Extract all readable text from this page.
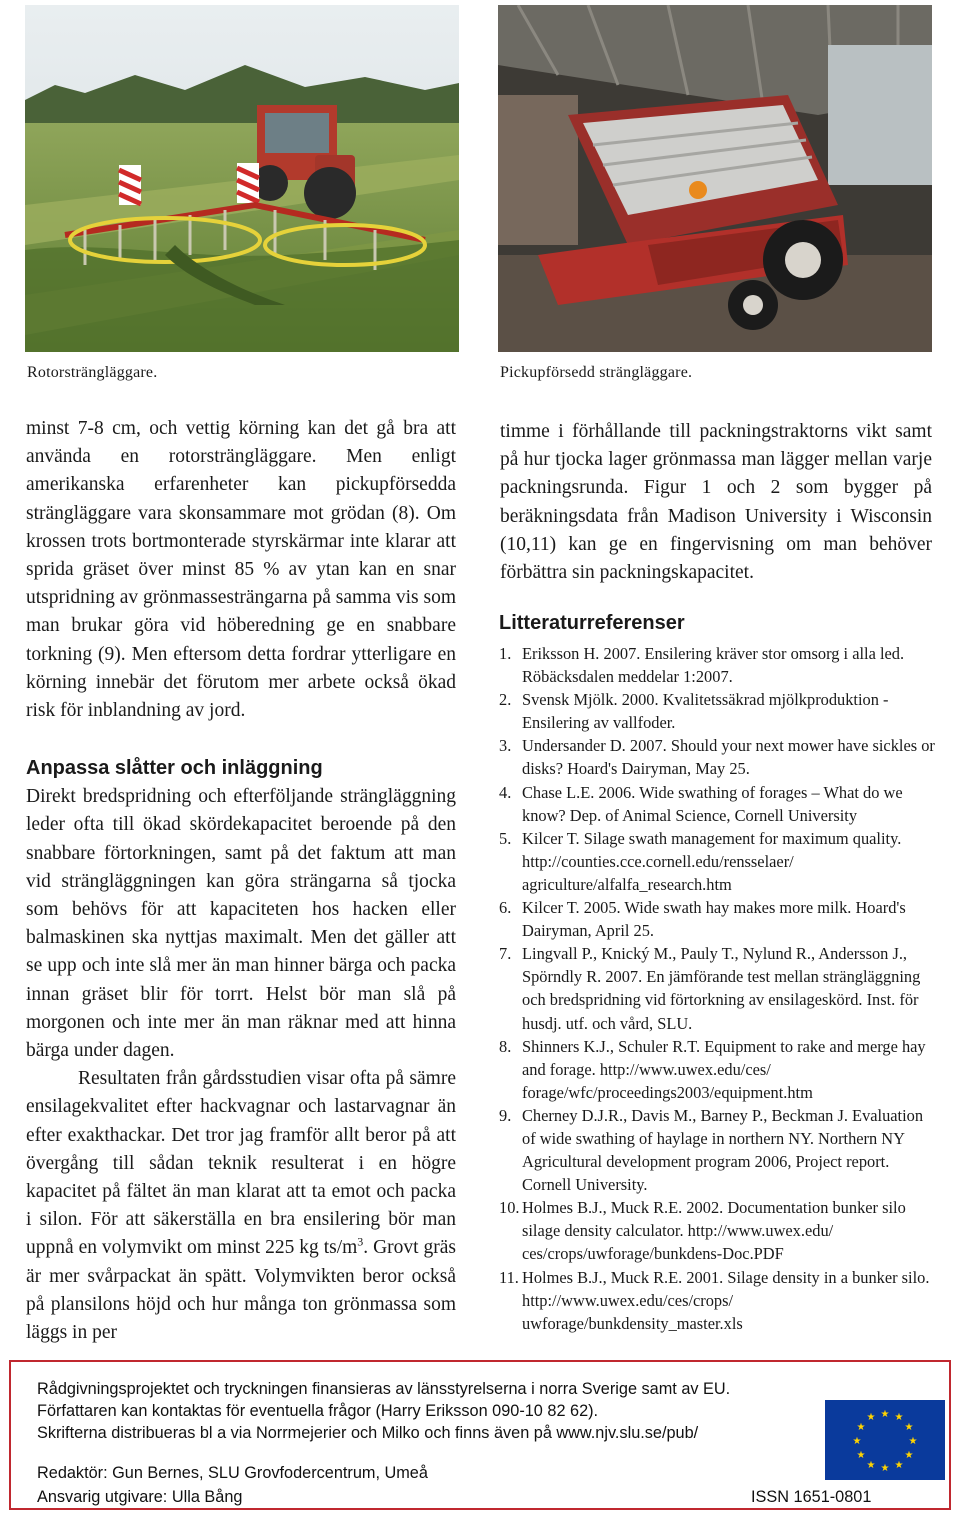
Rotorsträngläggare.	Pickupförsedd strängläggare.

minst 7-8 cm, och vettig körning kan det gå bra att använda en rotorsträngläggare. Men enligt amerikanska erfarenheter kan pickupförsedda strängläggare vara skonsammare mot grödan (8). Om krossen trots bortmonterade styrskärmar inte klarar att sprida gräset över minst 85 % av ytan kan en snar utspridning av grönmassesträngarna på samma vis som man brukar göra vid höberedning ge en snabbare torkning (9). Men eftersom detta fordrar ytterligare en körning innebär det förutom mer arbete också ökad risk för inblandning av jord.

Anpassa slåtter och inläggning

Direkt bredspridning och efterföljande strängläggning leder ofta till ökad skördekapacitet beroende på den snabbare förtorkningen, samt på det faktum att man vid strängläggningen kan göra strängarna så tjocka som behövs för att kapaciteten hos hacken eller balmaskinen ska nyttjas maximalt. Men det gäller att se upp och inte slå mer än man hinner bärga och packa innan gräset blir för torrt. Helst bör man slå på morgonen och inte mer än man räknar med att hinna bärga under dagen.

Resultaten från gårdsstudien visar ofta på sämre ensilagekvalitet efter hackvagnar och lastarvagnar än efter exakthackar. Det tror jag framför allt beror på att övergång till sådan teknik resulterat i en högre kapacitet på fältet än man klarat att ta emot och packa i silon. För att säkerställa en bra ensilering bör man uppnå en volymvikt om minst 225 kg $ts/m^3$. Grovt gräs är mer svårpackat än spätt. Volymvikten beror också på plansilons höjd och hur många ton grönmassa som läggs in per

timme i förhållande till packningstraktorns vikt samt på hur tjocka lager grönmassa man lägger mellan varje packningsrunda. Figur 1 och 2 som bygger på beräkningsdata från Madison University i Wisconsin (10,11) kan ge en fingervisning om man behöver förbättra sin packningskapacitet.
Litteraturreferenser
1. Eriksson H. 2007. Ensilering kräver stor omsorg i alla led. Röbäcksdalen meddelar 1:2007.
2. Svensk Mjölk. 2000. Kvalitetssäkrad mjölkproduktion - Ensilering av vallfoder.
3. Undersander D. 2007. Should your next mower have sickles or disks? Hoard's Dairyman, May 25.
4. Chase L.E. 2006. Wide swathing of forages – What do we know? Dep. of Animal Science, Cornell University
5. Kilcer T. Silage swath management for maximum quality. http://counties.cce.cornell.edu/rensselaer/ agriculture/alfalfa_research.htm
6. Kilcer T. 2005. Wide swath hay makes more milk. Hoard's Dairyman, April 25.
7. Lingvall P., Knický M., Pauly T., Nylund R., Andersson J., Spörndly R. 2007. En jämförande test mellan strängläggning och bredspridning vid förtorkning av ensilageskörd. Inst. för husdj. utf. och vård, SLU.
8. Shinners K.J., Schuler R.T. Equipment to rake and merge hay and forage. http://www.uwex.edu/ces/ forage/wfc/proceedings2003/equipment.htm
9. Cherney D.J.R., Davis M., Barney P., Beckman J. Evaluation of wide swathing of haylage in northern NY. Northern NY Agricultural development program 2006, Project report. Cornell University.
10. Holmes B.J., Muck R.E. 2002. Documentation bunker silo silage density calculator. http://www.uwex.edu/ ces/crops/uwforage/bunkdens-Doc.PDF
11. Holmes B.J., Muck R.E. 2001. Silage density in a bunker silo. http://www.uwex.edu/ces/crops/ uwforage/bunkdensity_master.xls
Rådgivningsprojektet och tryckningen finansieras av länsstyrelserna i norra Sverige samt av EU.
Författaren kan kontaktas för eventuella frågor (Harry Eriksson 090-10 82 62).
Skrifterna distribueras bl a via Norrmejerier och Milko och finns även på www.njv.slu.se/pub/
Redaktör: Gun Bernes, SLU Grovfodercentrum, Umeå
Ansvarig utgivare: Ulla Bång	ISSN 1651-0801
★ ★
★
★
★
★
★
★
★
★
★
★
